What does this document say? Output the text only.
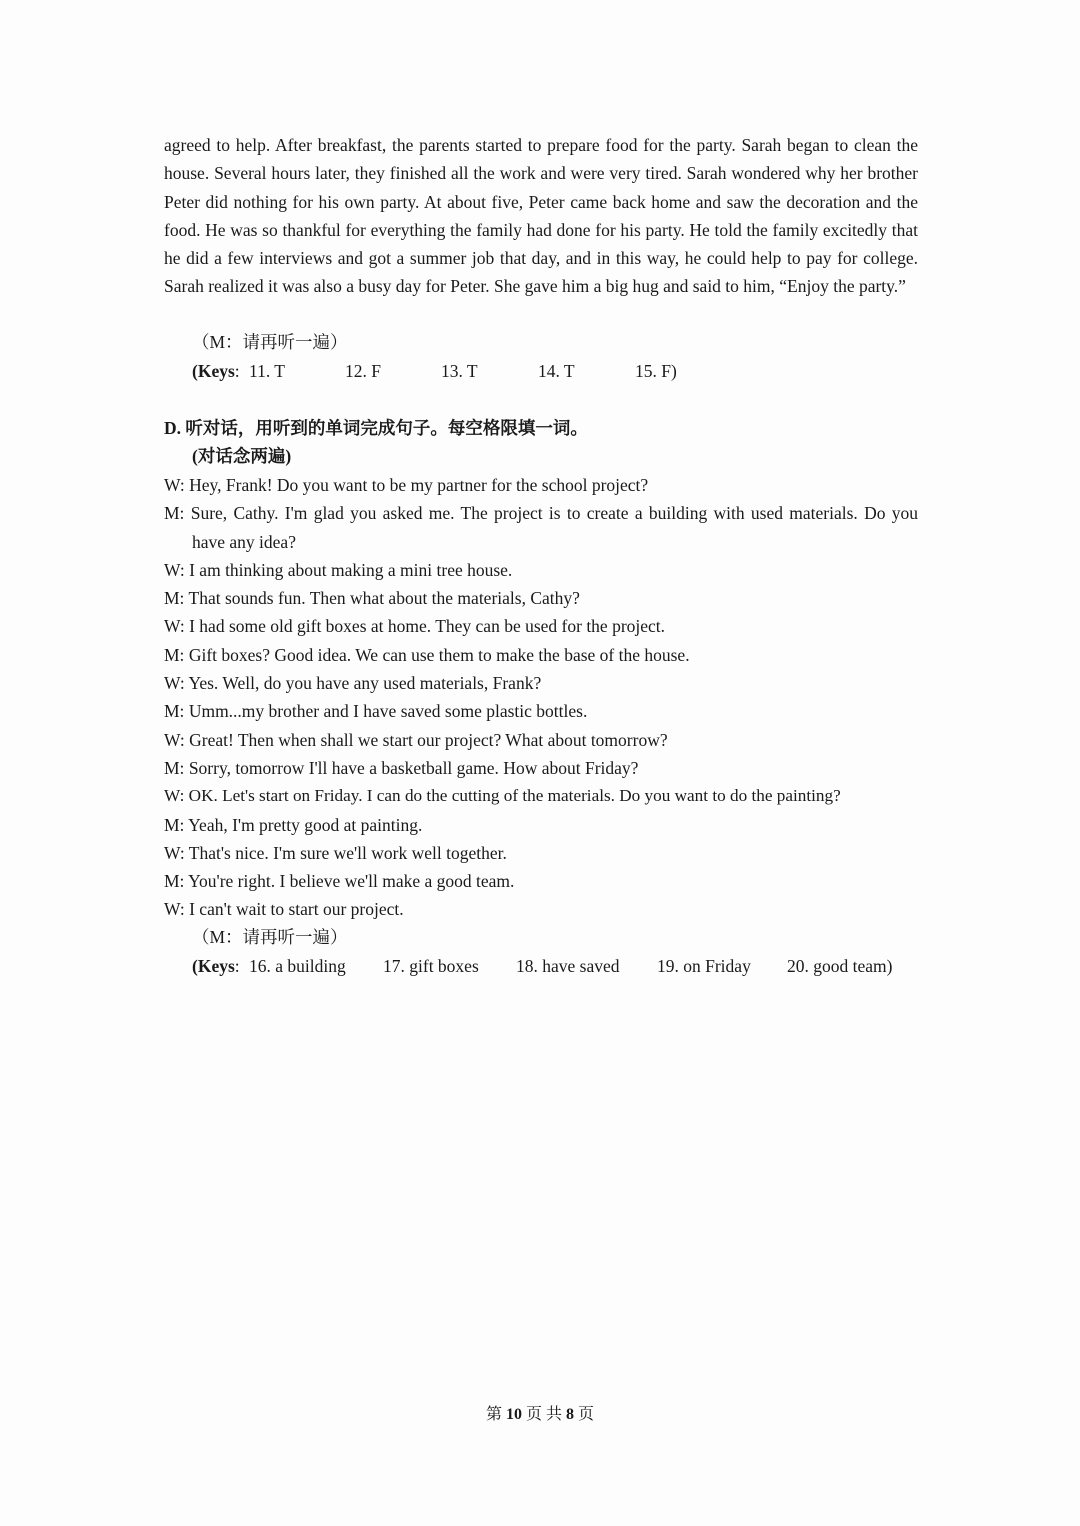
agreed to help. After breakfast, the parents started to prepare food for the party. Sarah began to clean the house. Several hours later, they finished all the work and were very tired. Sarah wondered why her brother Peter did nothing for his own party. At about five, Peter came back home and saw the decoration and the food. He was so thankful for everything the family had done for his party. He told the family excitedly that he did a few interviews and got a summer job that day, and in this way, he could help to pay for college. Sarah realized it was also a busy day for Peter. She gave him a big hug and said to him, “Enjoy the party.”

（M：请再听一遍）
(Keys: 11. T	12. F	13. T	14. T	15. F)
D. 听对话，用听到的单词完成句子。每空格限填一词。
(对话念两遍)

W: Hey, Frank! Do you want to be my partner for the school project?

M: Sure, Cathy. I'm glad you asked me. The project is to create a building with used materials. Do you have any idea?

W: I am thinking about making a mini tree house.

M: That sounds fun. Then what about the materials, Cathy?

W: I had some old gift boxes at home. They can be used for the project.

M: Gift boxes? Good idea. We can use them to make the base of the house.

W: Yes. Well, do you have any used materials, Frank?

M: Umm...my brother and I have saved some plastic bottles.

W: Great! Then when shall we start our project? What about tomorrow?

M: Sorry, tomorrow I'll have a basketball game. How about Friday?

W: OK. Let's start on Friday. I can do the cutting of the materials. Do you want to do the painting?

M: Yeah, I'm pretty good at painting.

W: That's nice. I'm sure we'll work well together.

M: You're right. I believe we'll make a good team.

W: I can't wait to start our project.

（M：请再听一遍）
(Keys: 16. a building 17. gift boxes 18. have saved 19. on Friday 20. good team)
第 10 页 共 8 页
